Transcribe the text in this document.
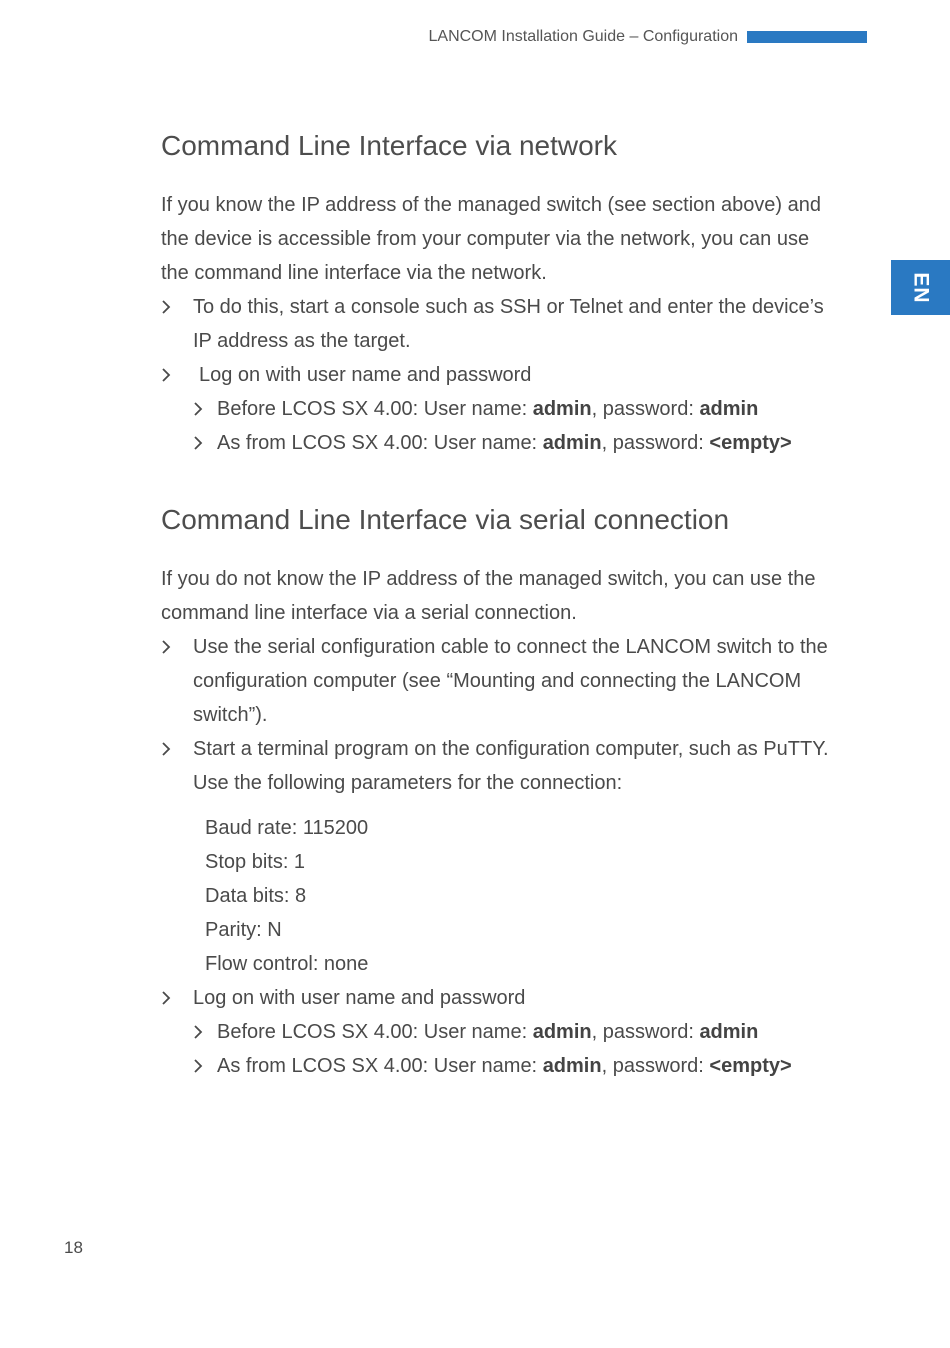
LANCOM Installation Guide – Configuration
EN
Command Line Interface via network
If you know the IP address of the managed switch (see section above) and
the device is accessible from your computer via the network, you can use
the command line interface via the network.
To do this, start a console such as SSH or Telnet and enter the device’s
IP address as the target.
Log on with user name and password
Before LCOS SX 4.00: User name: admin, password: admin
As from LCOS SX 4.00: User name: admin, password: <empty>
Command Line Interface via serial connection
If you do not know the IP address of the managed switch, you can use the
command line interface via a serial connection.
Use the serial configuration cable to connect the LANCOM switch to the
configuration computer (see “Mounting and connecting the LANCOM
switch”).
Start a terminal program on the configuration computer, such as PuTTY.
Use the following parameters for the connection:
Baud rate: 115200
Stop bits: 1
Data bits: 8
Parity: N
Flow control: none
Log on with user name and password
Before LCOS SX 4.00: User name: admin, password: admin
As from LCOS SX 4.00: User name: admin, password: <empty>
18
